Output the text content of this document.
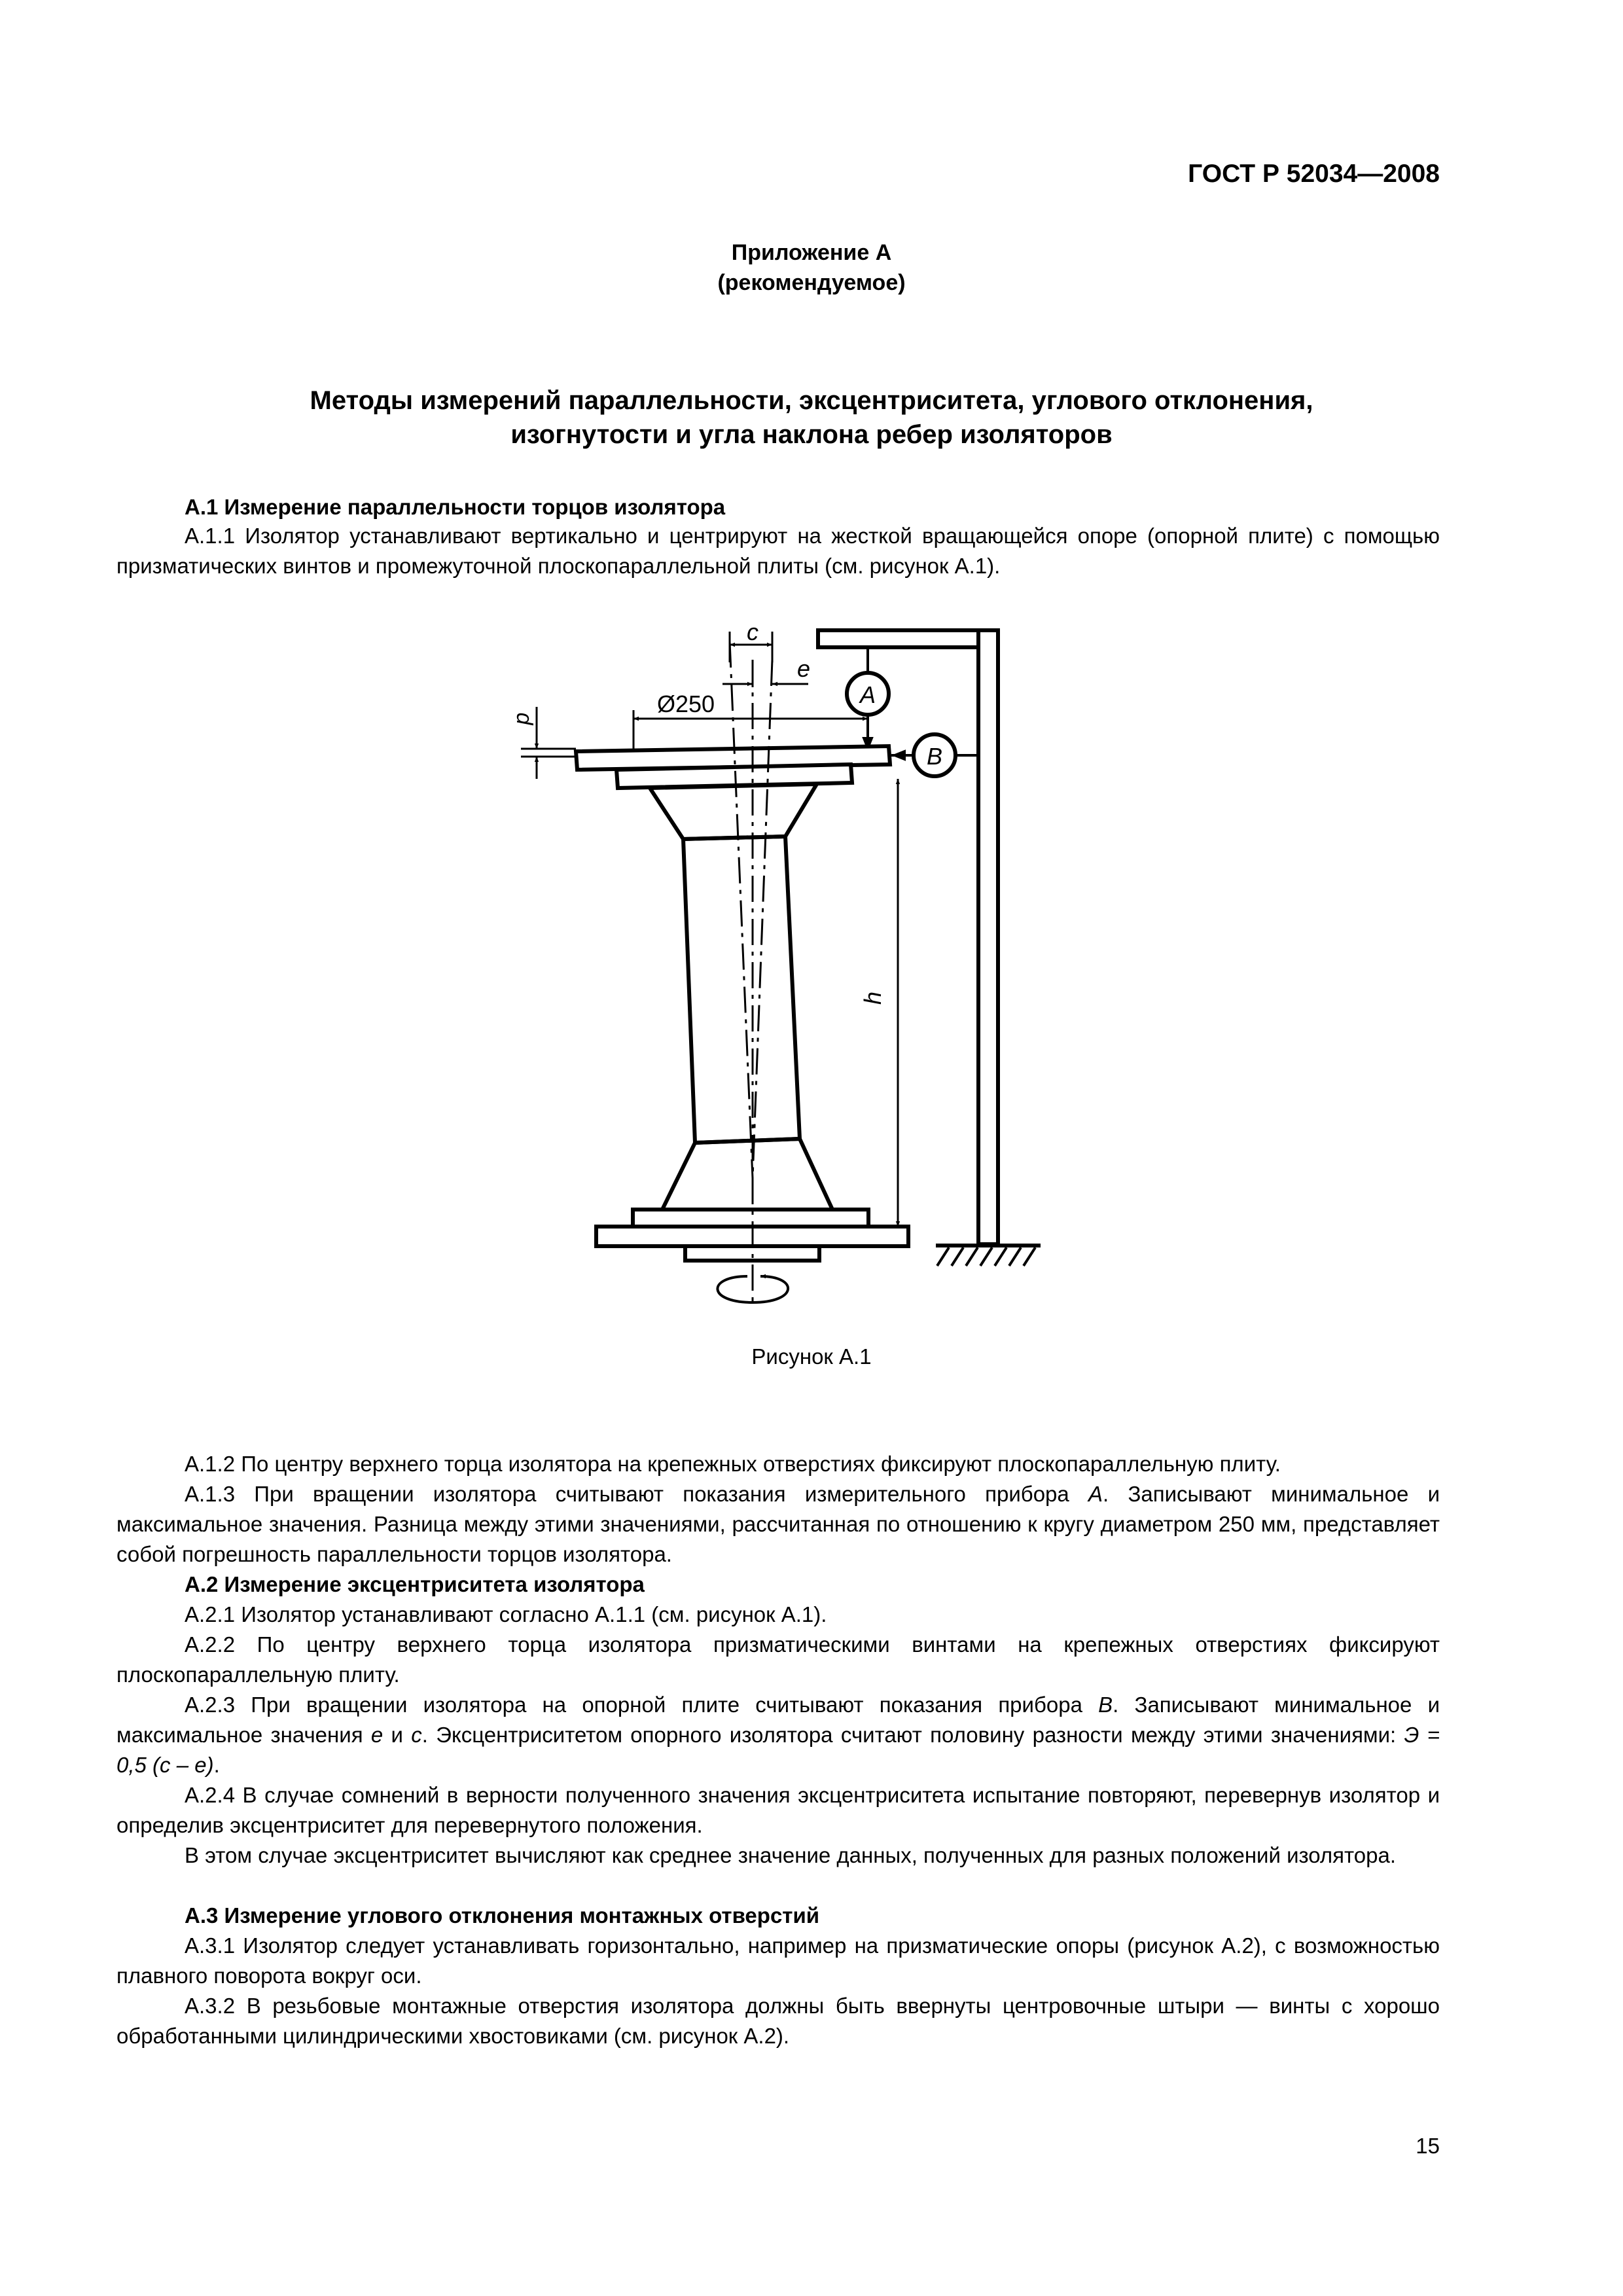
ГОСТ Р 52034—2008
Приложение А
(рекомендуемое)
Методы измерений параллельности, эксцентриситета, углового отклонения,
изогнутости и угла наклона ребер изоляторов
А.1 Измерение параллельности торцов изолятора
А.1.1 Изолятор устанавливают вертикально и центрируют на жесткой вращающейся опоре (опорной плите) с помощью призматических винтов и промежуточной плоскопараллельной плиты (см. рисунок А.1).
A
B
c
e
Ø250
p
h
Рисунок А.1
А.1.2 По центру верхнего торца изолятора на крепежных отверстиях фиксируют плоскопараллельную плиту.
А.1.3 При вращении изолятора считывают показания измерительного прибора А. Записывают минимальное и максимальное значения. Разница между этими значениями, рассчитанная по отношению к кругу диаметром 250 мм, представляет собой погрешность параллельности торцов изолятора.
А.2 Измерение эксцентриситета изолятора
А.2.1 Изолятор устанавливают согласно А.1.1 (см. рисунок А.1).
А.2.2 По центру верхнего торца изолятора призматическими винтами на крепежных отверстиях фиксируют плоскопараллельную плиту.
А.2.3 При вращении изолятора на опорной плите считывают показания прибора В. Записывают минимальное и максимальное значения е и с. Эксцентриситетом опорного изолятора считают половину разности между этими значениями: Э = 0,5 (с – е).
А.2.4 В случае сомнений в верности полученного значения эксцентриситета испытание повторяют, перевернув изолятор и определив эксцентриситет для перевернутого положения.
В этом случае эксцентриситет вычисляют как среднее значение данных, полученных для разных положений изолятора.
А.3 Измерение углового отклонения монтажных отверстий
А.3.1 Изолятор следует устанавливать горизонтально, например на призматические опоры (рисунок А.2), с возможностью плавного поворота вокруг оси.
А.3.2 В резьбовые монтажные отверстия изолятора должны быть ввернуты центровочные штыри — винты с хорошо обработанными цилиндрическими хвостовиками (см. рисунок А.2).
15
